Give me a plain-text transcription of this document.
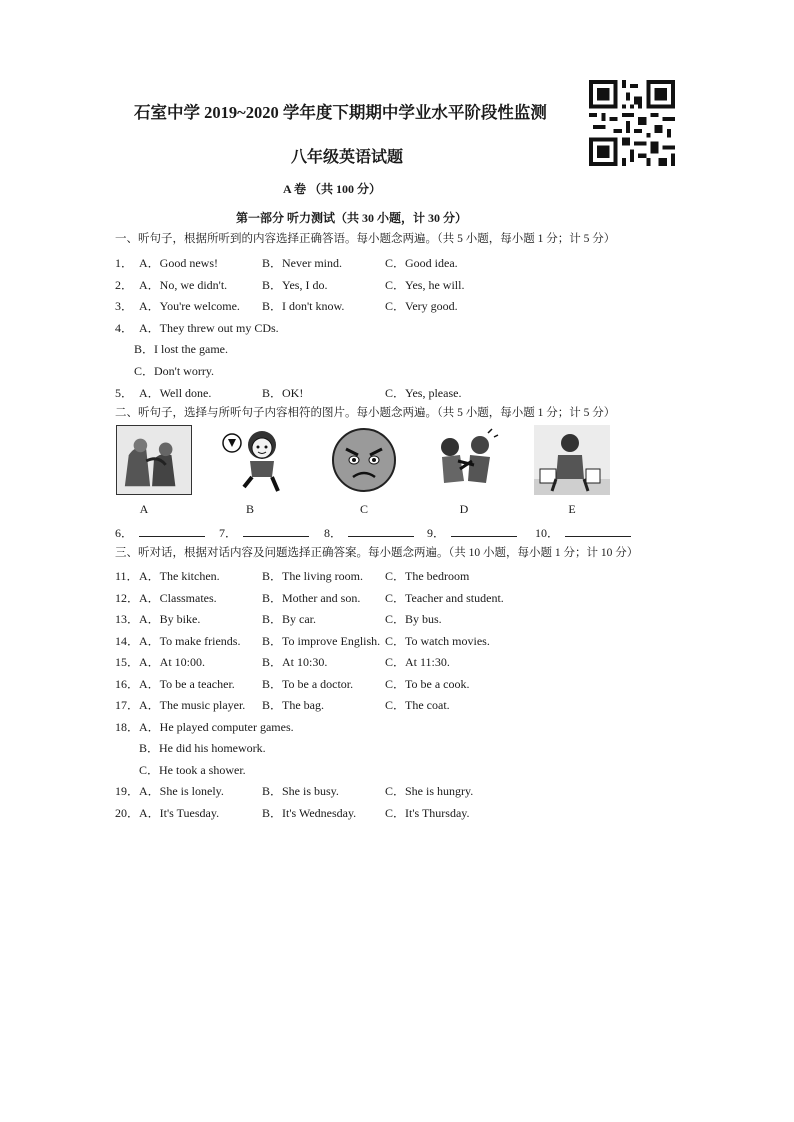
石室中学 2019~2020 学年度下期期中学业水平阶段性监测
八年级英语试题
A 卷 （共 100 分）
第一部分 听力测试（共 30 小题，计 30 分）
一、听句子，根据所听到的内容选择正确答语。每小题念两遍。（共 5 小题，每小题 1 分；计 5 分）
1． A．Good news!	B．Never mind.	C．Good idea.
2． A．No, we didn't.	B．Yes, I do.	C．Yes, he will.
3． A．You're welcome. B．I don't know.	C．Very good.
4． A．They threw out my CDs.
B．I lost the game.
C．Don't worry.
5． A．Well done.	B．OK!	C．Yes, please.
二、听句子，选择与所听句子内容相符的图片。每小题念两遍。（共 5 小题，每小题 1 分；计 5 分）
A	B	C	D	E
6．	7．	8．	9．	10．
三、听对话，根据对话内容及问题选择正确答案。每小题念两遍。（共 10 小题，每小题 1 分；计 10 分）
11． A．The kitchen.	B．The living room. C．The bedroom
12． A．Classmates.	B．Mother and son. C．Teacher and student.
13． A．By bike.	B．By car.	C．By bus.
14． A．To make friends. B．To improve English. C．To watch movies.
15． A．At 10:00.	B．At 10:30.	C．At 11:30.
16． A．To be a teacher. B．To be a doctor.	C．To be a cook.
17． A．The music player. B．The bag.	C．The coat.
18． A．He played computer games.
B．He did his homework.
C．He took a shower.
19． A．She is lonely.	B．She is busy.	C．She is hungry.
20． A．It's Tuesday.	B．It's Wednesday. C．It's Thursday.
